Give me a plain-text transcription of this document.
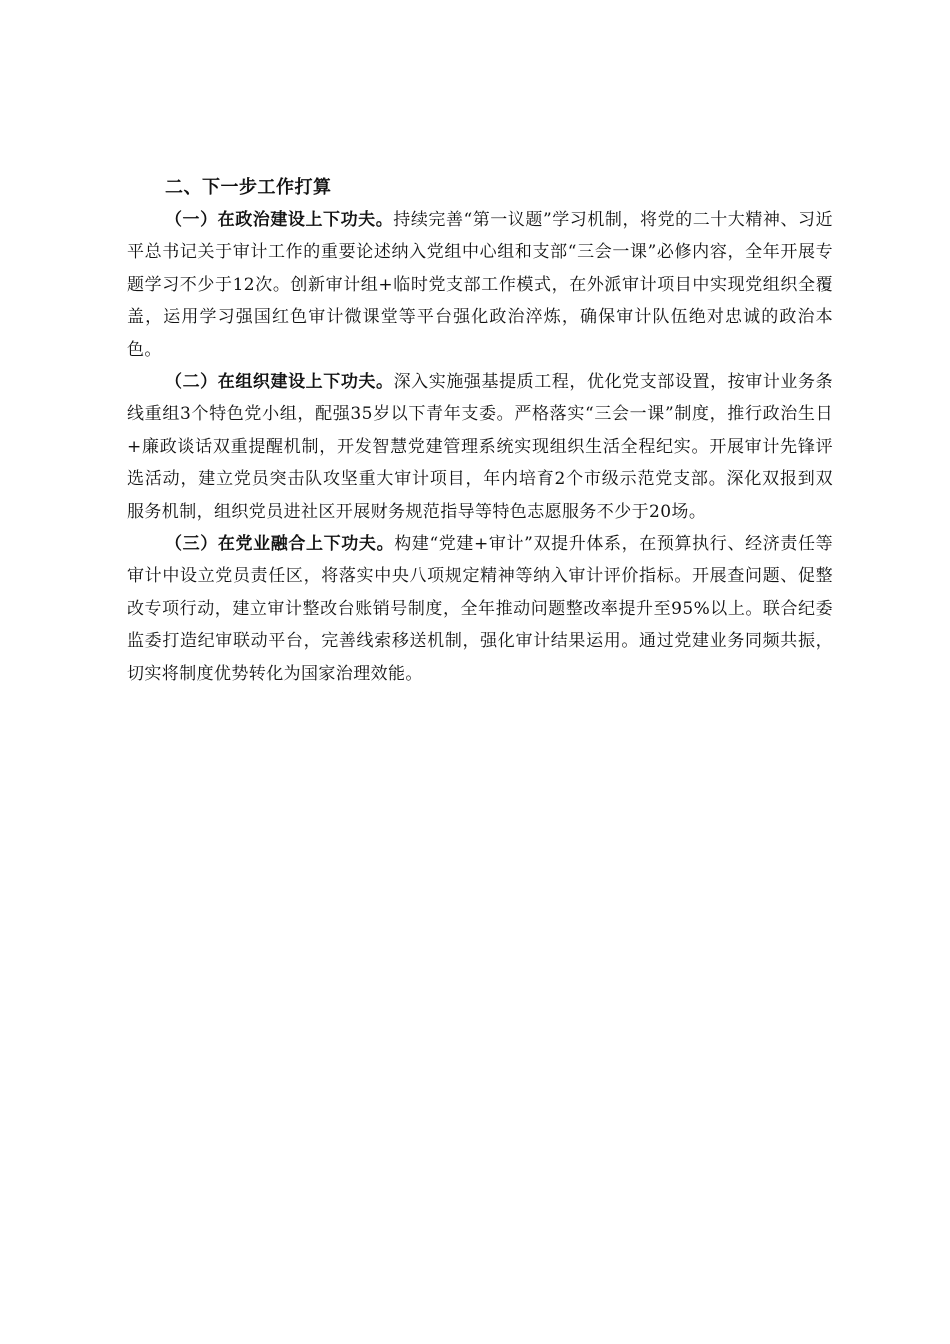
二、下一步工作打算

（一）在政治建设上下功夫。持续完善“第一议题”学习机制，将党的二十大精神、习近平总书记关于审计工作的重要论述纳入党组中心组和支部“三会一课”必修内容，全年开展专题学习不少于12次。创新审计组+临时党支部工作模式，在外派审计项目中实现党组织全覆盖，运用学习强国红色审计微课堂等平台强化政治淬炼，确保审计队伍绝对忠诚的政治本色。

（二）在组织建设上下功夫。深入实施强基提质工程，优化党支部设置，按审计业务条线重组3个特色党小组，配强35岁以下青年支委。严格落实“三会一课”制度，推行政治生日+廉政谈话双重提醒机制，开发智慧党建管理系统实现组织生活全程纪实。开展审计先锋评选活动，建立党员突击队攻坚重大审计项目，年内培育2个市级示范党支部。深化双报到双服务机制，组织党员进社区开展财务规范指导等特色志愿服务不少于20场。

（三）在党业融合上下功夫。构建“党建+审计”双提升体系，在预算执行、经济责任等审计中设立党员责任区，将落实中央八项规定精神等纳入审计评价指标。开展查问题、促整改专项行动，建立审计整改台账销号制度，全年推动问题整改率提升至95%以上。联合纪委监委打造纪审联动平台，完善线索移送机制，强化审计结果运用。通过党建业务同频共振，切实将制度优势转化为国家治理效能。
